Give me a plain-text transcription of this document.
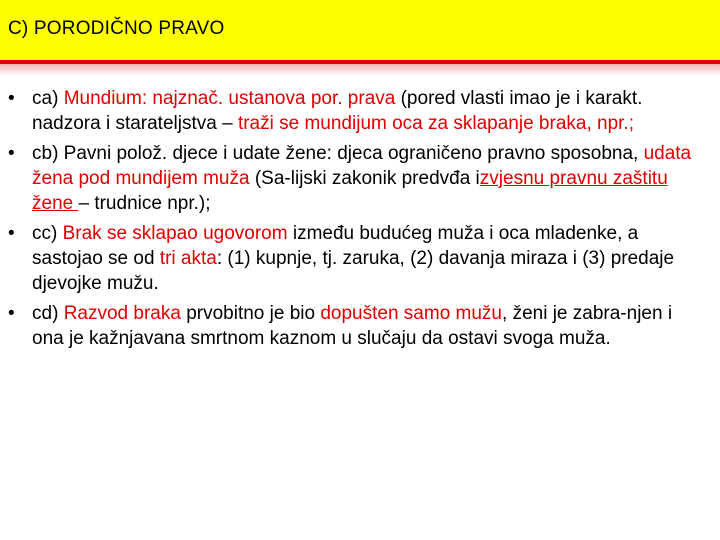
C) PORODIČNO PRAVO
•
ca) Mundium: najznač. ustanova por. prava (pored vlasti imao je i karakt. nadzora i starateljstva – traži se mundijum oca za sklapanje braka, npr.;
•
cb) Pavni polož. djece i udate žene: djeca ograničeno pravno sposobna, udata žena pod mundijem muža (Sa-lijski zakonik predvđa izvjesnu pravnu zaštitu žene – trudnice npr.);
•
cc) Brak se sklapao ugovorom između budućeg muža i oca mladenke, a sastojao se od tri akta: (1) kupnje, tj. zaruka, (2) davanja miraza i (3) predaje djevojke mužu.
•
cd) Razvod braka prvobitno je bio dopušten samo mužu, ženi je zabra-njen i ona je kažnjavana smrtnom kaznom u slučaju da ostavi svoga muža.
